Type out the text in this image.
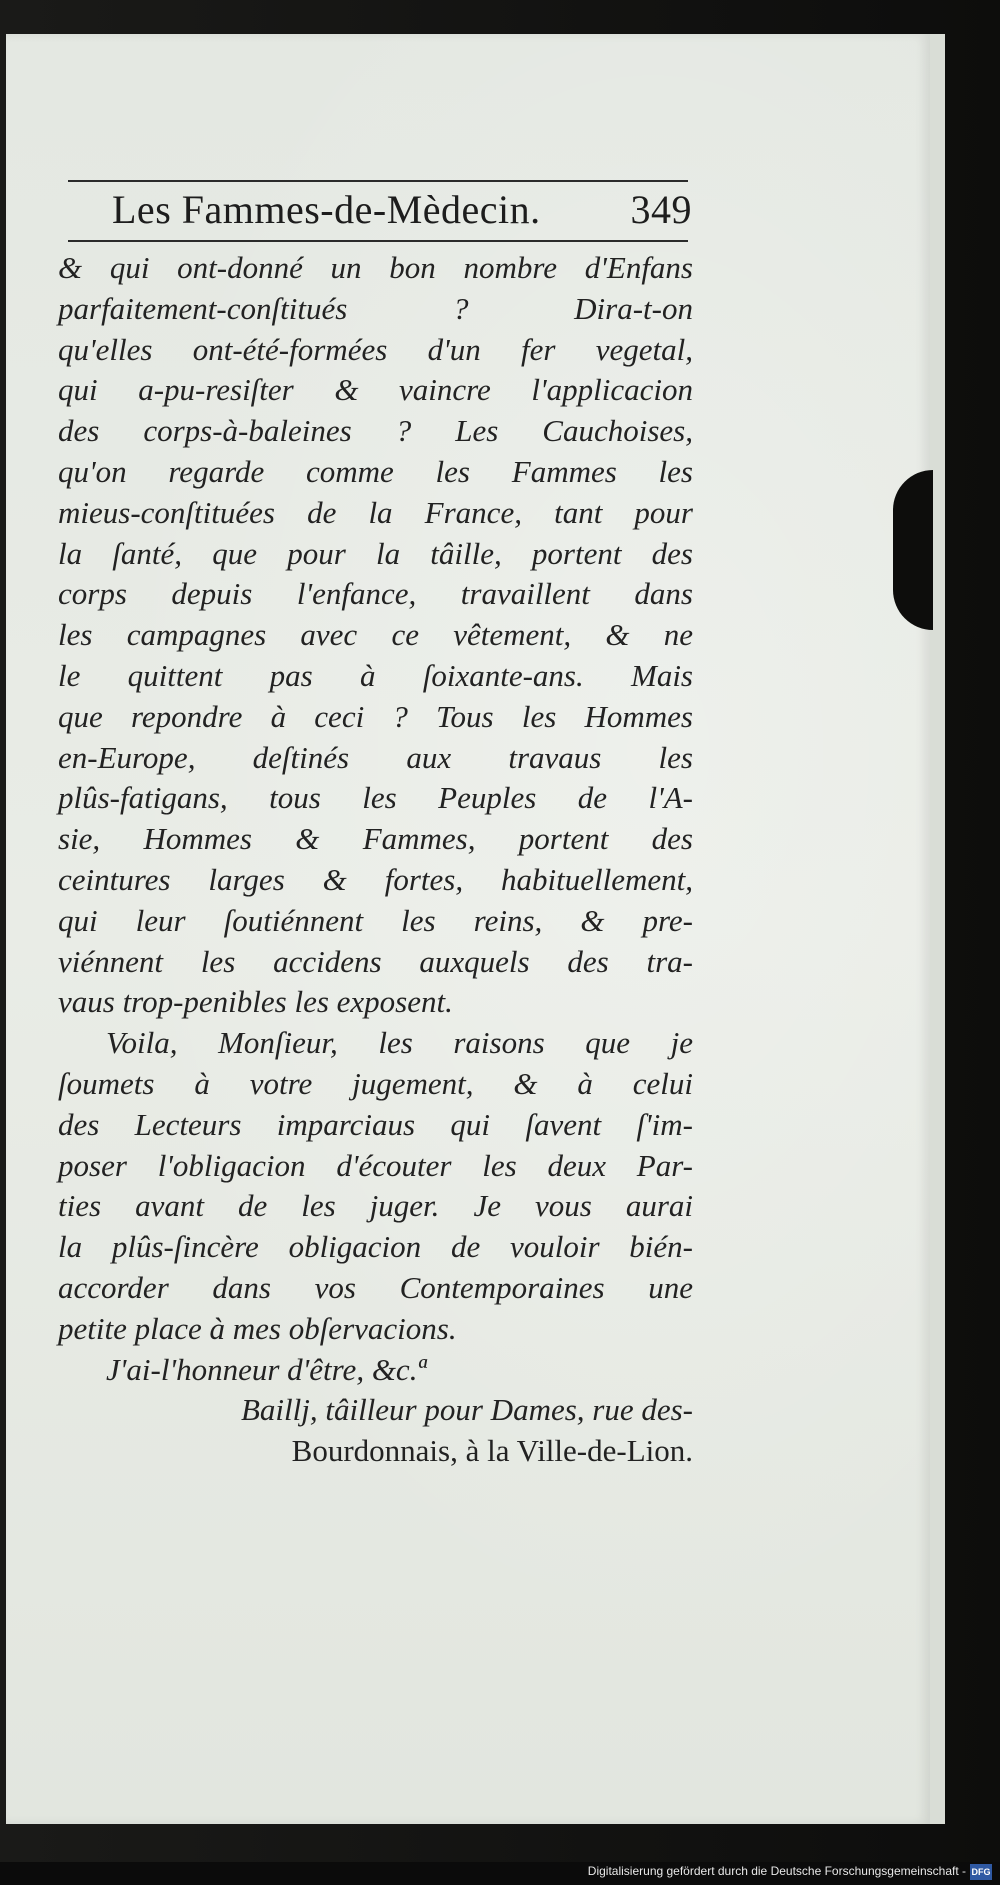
Les Fammes-de-Mèdecin. 349
& qui ont-donné un bon nombre d'Enfans
parfaitement-conſtitués ? Dira-t-on
qu'elles ont-été-formées d'un fer vegetal,
qui a-pu-resiſter & vaincre l'applicacion
des corps-à-baleines ? Les Cauchoises,
qu'on regarde comme les Fammes les
mieus-conſtituées de la France, tant pour
la ſanté, que pour la tâille, portent des
corps depuis l'enfance, travaillent dans
les campagnes avec ce vêtement, & ne
le quittent pas à ſoixante-ans. Mais
que repondre à ceci ? Tous les Hommes
en-Europe, deſtinés aux travaus les
plûs-fatigans, tous les Peuples de l'A-
sie, Hommes & Fammes, portent des
ceintures larges & fortes, habituellement,
qui leur ſoutiénnent les reins, & pre-
viénnent les accidens auxquels des tra-
vaus trop-penibles les exposent.
Voila, Monſieur, les raisons que je
ſoumets à votre jugement, & à celui
des Lecteurs imparciaus qui ſavent ſ'im-
poser l'obligacion d'écouter les deux Par-
ties avant de les juger. Je vous aurai
la plûs-ſincère obligacion de vouloir bién-
accorder dans vos Contemporaines une
petite place à mes obſervacions.
J'ai-l'honneur d'être, &c.ª
Baillj, tâilleur pour Dames, rue des-
Bourdonnais, à la Ville-de-Lion.
Digitalisierung gefördert durch die Deutsche Forschungsgemeinschaft - DFG
